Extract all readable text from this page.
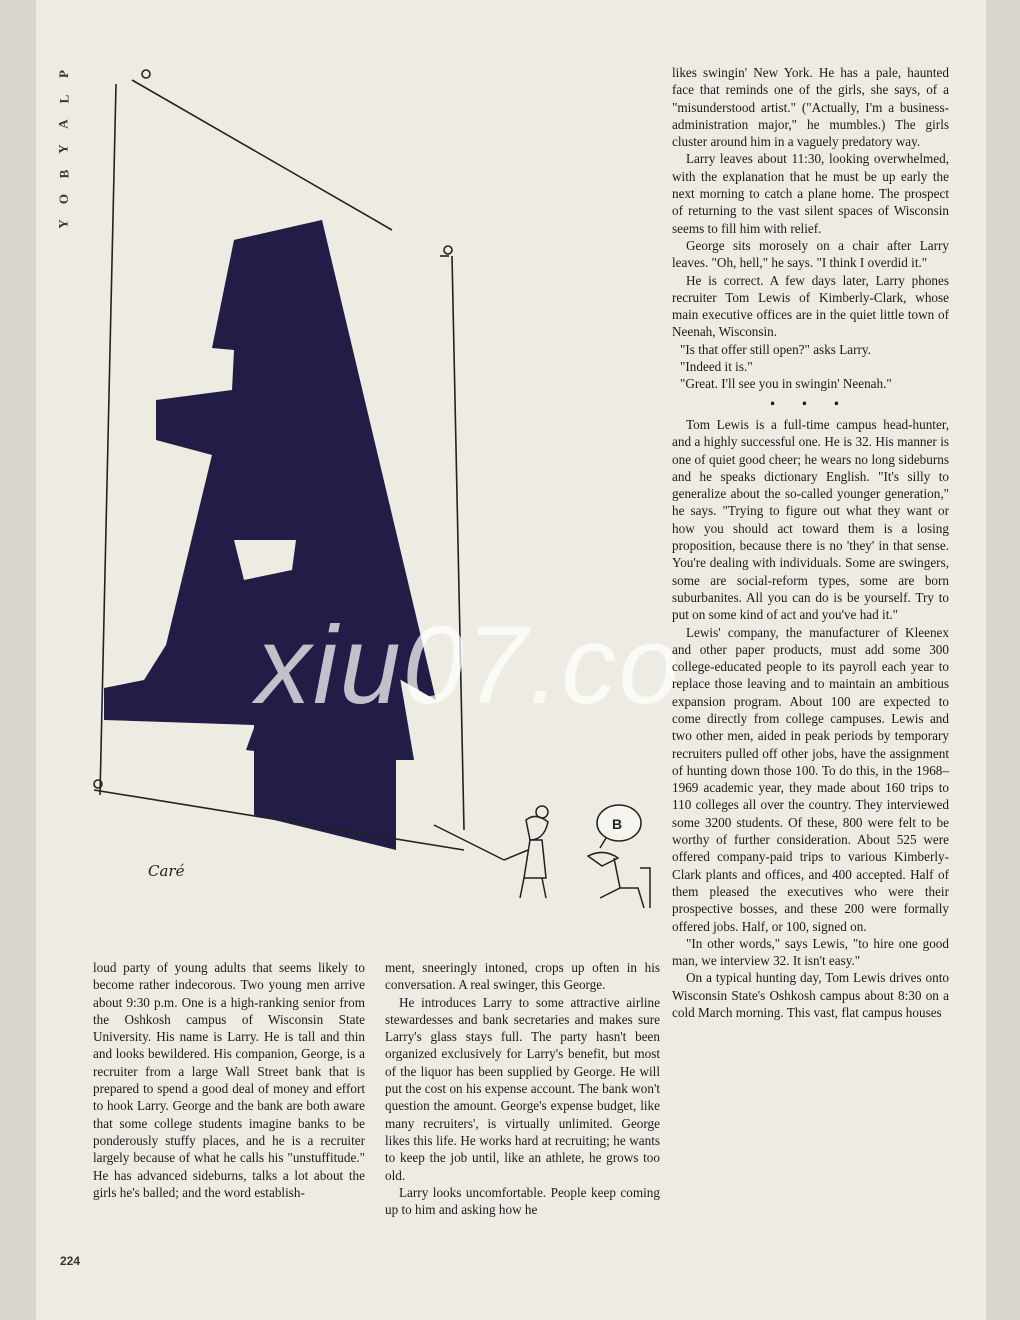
P
L
A
Y
B
O
Y
B
Caré
xiu07.co

loud party of young adults that seems likely to become rather indecorous. Two young men arrive about 9:30 p.m. One is a high-ranking senior from the Oshkosh campus of Wisconsin State University. His name is Larry. He is tall and thin and looks bewildered. His companion, George, is a recruiter from a large Wall Street bank that is prepared to spend a good deal of money and effort to hook Larry. George and the bank are both aware that some college students imagine banks to be ponderously stuffy places, and he is a recruiter largely because of what he calls his "unstuffitude." He has advanced sideburns, talks a lot about the girls he's balled; and the word establish-

ment, sneeringly intoned, crops up often in his conversation. A real swinger, this George.

He introduces Larry to some attractive airline stewardesses and bank secretaries and makes sure Larry's glass stays full. The party hasn't been organized exclusively for Larry's benefit, but most of the liquor has been supplied by George. He will put the cost on his expense account. The bank won't question the amount. George's expense budget, like many recruiters', is virtually unlimited. George likes this life. He works hard at recruiting; he wants to keep the job until, like an athlete, he grows too old.

Larry looks uncomfortable. People keep coming up to him and asking how he

likes swingin' New York. He has a pale, haunted face that reminds one of the girls, she says, of a "misunderstood artist." ("Actually, I'm a business-administration major," he mumbles.) The girls cluster around him in a vaguely predatory way.

Larry leaves about 11:30, looking overwhelmed, with the explanation that he must be up early the next morning to catch a plane home. The prospect of returning to the vast silent spaces of Wisconsin seems to fill him with relief.

George sits morosely on a chair after Larry leaves. "Oh, hell," he says. "I think I overdid it."

He is correct. A few days later, Larry phones recruiter Tom Lewis of Kimberly-Clark, whose main executive offices are in the quiet little town of Neenah, Wisconsin.

"Is that offer still open?" asks Larry.

"Indeed it is."

"Great. I'll see you in swingin' Neenah."

• • •

Tom Lewis is a full-time campus head-hunter, and a highly successful one. He is 32. His manner is one of quiet good cheer; he wears no long sideburns and he speaks dictionary English. "It's silly to generalize about the so-called younger generation," he says. "Trying to figure out what they want or how you should act toward them is a losing proposition, because there is no 'they' in that sense. You're dealing with individuals. Some are swingers, some are social-reform types, some are born suburbanites. All you can do is be yourself. Try to put on some kind of act and you've had it."

Lewis' company, the manufacturer of Kleenex and other paper products, must add some 300 college-educated people to its payroll each year to replace those leaving and to maintain an ambitious expansion program. About 100 are expected to come directly from college campuses. Lewis and two other men, aided in peak periods by temporary recruiters pulled off other jobs, have the assignment of hunting down those 100. To do this, in the 1968–1969 academic year, they made about 160 trips to 110 colleges all over the country. They interviewed some 3200 students. Of these, 800 were felt to be worthy of further consideration. About 525 were offered company-paid trips to various Kimberly-Clark plants and offices, and 400 accepted. Half of them pleased the executives who were their prospective bosses, and these 200 were formally offered jobs. Half, or 100, signed on.

"In other words," says Lewis, "to hire one good man, we interview 32. It isn't easy."

On a typical hunting day, Tom Lewis drives onto Wisconsin State's Oshkosh campus about 8:30 on a cold March morning. This vast, flat campus houses

224
